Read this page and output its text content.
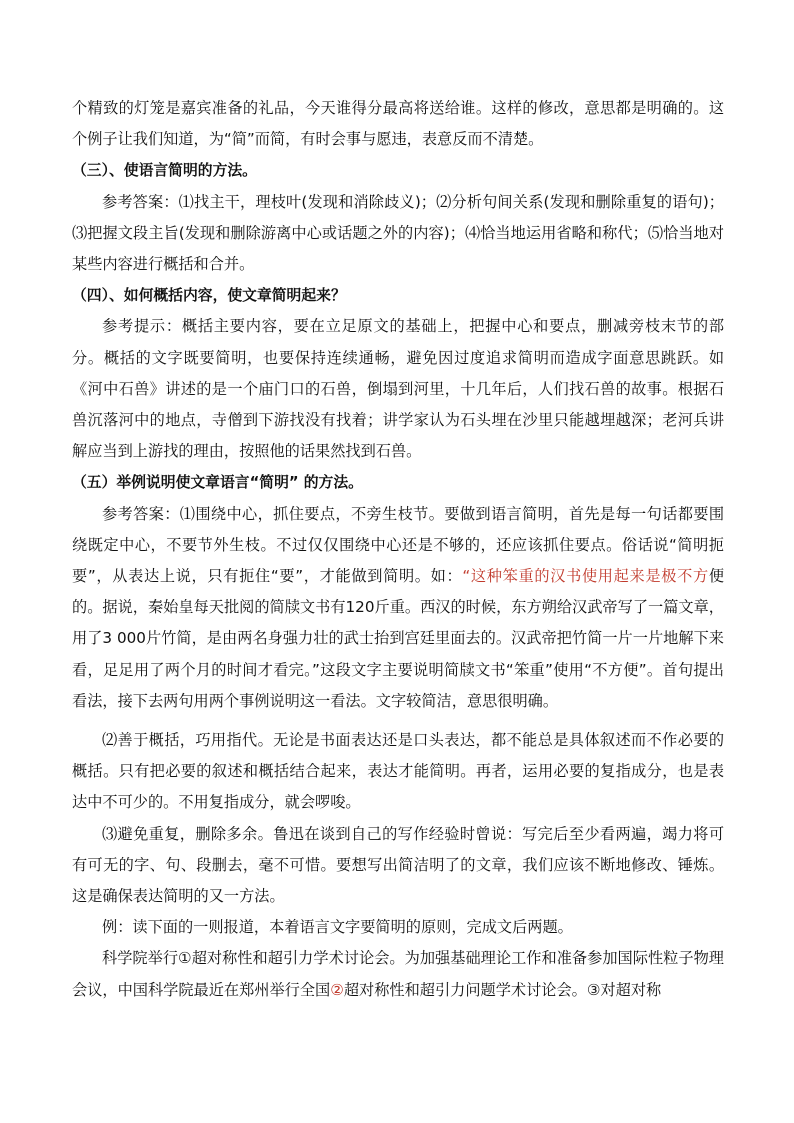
个精致的灯笼是嘉宾准备的礼品，今天谁得分最高将送给谁。这样的修改，意思都是明确的。这个例子让我们知道，为“简”而简，有时会事与愿违，表意反而不清楚。

（三）、使语言简明的方法。

参考答案：⑴找主干，理枝叶(发现和消除歧义)；⑵分析句间关系(发现和删除重复的语句)；⑶把握文段主旨(发现和删除游离中心或话题之外的内容)；⑷恰当地运用省略和称代；⑸恰当地对某些内容进行概括和合并。

（四）、如何概括内容，使文章简明起来？

参考提示：概括主要内容，要在立足原文的基础上，把握中心和要点，删减旁枝末节的部分。概括的文字既要简明，也要保持连续通畅，避免因过度追求简明而造成字面意思跳跃。如《河中石兽》讲述的是一个庙门口的石兽，倒塌到河里，十几年后，人们找石兽的故事。根据石兽沉落河中的地点，寺僧到下游找没有找着；讲学家认为石头埋在沙里只能越埋越深；老河兵讲解应当到上游找的理由，按照他的话果然找到石兽。

（五）举例说明使文章语言“简明” 的方法。

参考答案：⑴围绕中心，抓住要点，不旁生枝节。要做到语言简明，首先是每一句话都要围绕既定中心，不要节外生枝。不过仅仅围绕中心还是不够的，还应该抓住要点。俗话说“简明扼要”，从表达上说，只有扼住“要”，才能做到简明。如：“这种笨重的汉书使用起来是极不方便的。据说，秦始皇每天批阅的简牍文书有120斤重。西汉的时候，东方朔给汉武帝写了一篇文章，用了3 000片竹简，是由两名身强力壮的武士抬到宫廷里面去的。汉武帝把竹简一片一片地解下来看，足足用了两个月的时间才看完。”这段文字主要说明简牍文书“笨重”使用“不方便”。首句提出看法，接下去两句用两个事例说明这一看法。文字较简洁，意思很明确。

⑵善于概括，巧用指代。无论是书面表达还是口头表达，都不能总是具体叙述而不作必要的概括。只有把必要的叙述和概括结合起来，表达才能简明。再者，运用必要的复指成分，也是表达中不可少的。不用复指成分，就会啰唆。

⑶避免重复，删除多余。鲁迅在谈到自己的写作经验时曾说：写完后至少看两遍，竭力将可有可无的字、句、段删去，毫不可惜。要想写出简洁明了的文章，我们应该不断地修改、锤炼。这是确保表达简明的又一方法。

例：读下面的一则报道，本着语言文字要简明的原则，完成文后两题。

科学院举行①超对称性和超引力学术讨论会。为加强基础理论工作和准备参加国际性粒子物理会议，中国科学院最近在郑州举行全国②超对称性和超引力问题学术讨论会。③对超对称
